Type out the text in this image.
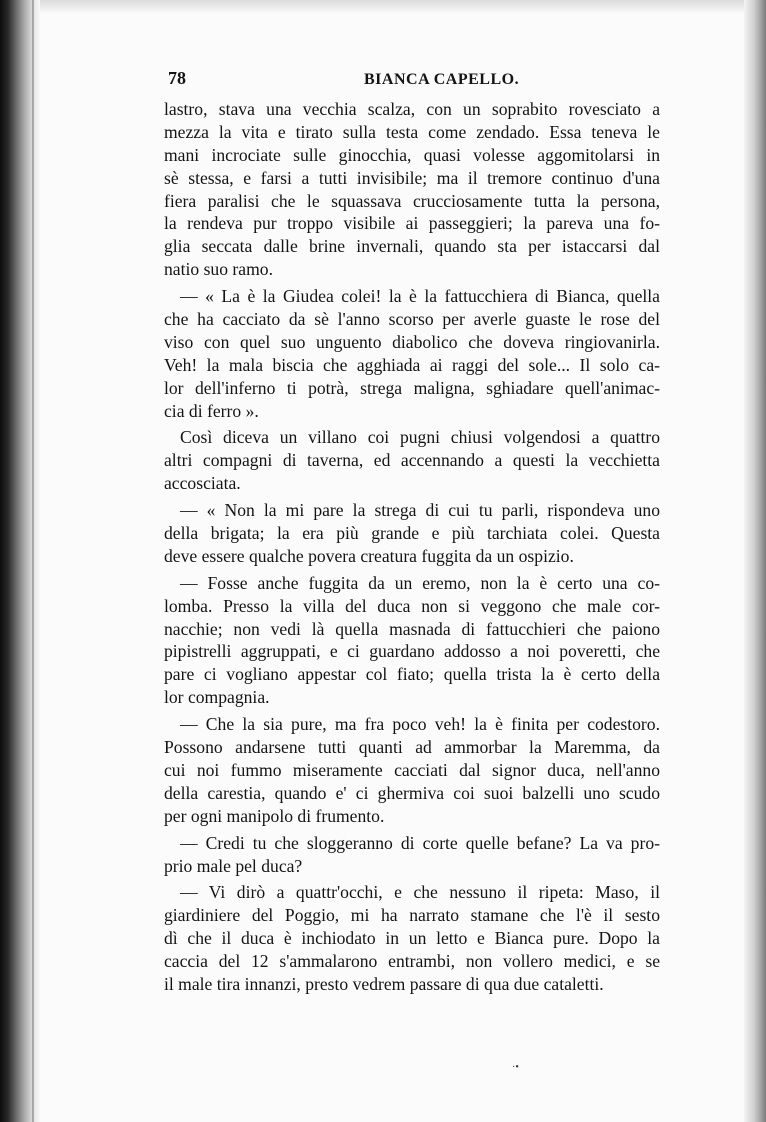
78	BIANCA CAPELLO.
lastro, stava una vecchia scalza, con un soprabito rovesciato a
mezza la vita e tirato sulla testa come zendado. Essa teneva le
mani incrociate sulle ginocchia, quasi volesse aggomitolarsi in
sè stessa, e farsi a tutti invisibile; ma il tremore continuo d'una
fiera paralisi che le squassava crucciosamente tutta la persona,
la rendeva pur troppo visibile ai passeggieri; la pareva una fo-
glia seccata dalle brine invernali, quando sta per istaccarsi dal
natio suo ramo.
— « La è la Giudea colei! la è la fattucchiera di Bianca, quella
che ha cacciato da sè l'anno scorso per averle guaste le rose del
viso con quel suo unguento diabolico che doveva ringiovanirla.
Veh! la mala biscia che agghiada ai raggi del sole... Il solo ca-
lor dell'inferno ti potrà, strega maligna, sghiadare quell'animac-
cia di ferro ».
Così diceva un villano coi pugni chiusi volgendosi a quattro
altri compagni di taverna, ed accennando a questi la vecchietta
accosciata.
— « Non la mi pare la strega di cui tu parli, rispondeva uno
della brigata; la era più grande e più tarchiata colei. Questa
deve essere qualche povera creatura fuggita da un ospizio.
— Fosse anche fuggita da un eremo, non la è certo una co-
lomba. Presso la villa del duca non si veggono che male cor-
nacchie; non vedi là quella masnada di fattucchieri che paiono
pipistrelli aggruppati, e ci guardano addosso a noi poveretti, che
pare ci vogliano appestar col fiato; quella trista la è certo della
lor compagnia.
— Che la sia pure, ma fra poco veh! la è finita per codestoro.
Possono andarsene tutti quanti ad ammorbar la Maremma, da
cui noi fummo miseramente cacciati dal signor duca, nell'anno
della carestia, quando e' ci ghermiva coi suoi balzelli uno scudo
per ogni manipolo di frumento.
— Credi tu che sloggeranno di corte quelle befane? La va pro-
prio male pel duca?
— Vi dirò a quattr'occhi, e che nessuno il ripeta: Maso, il
giardiniere del Poggio, mi ha narrato stamane che l'è il sesto
dì che il duca è inchiodato in un letto e Bianca pure. Dopo la
caccia del 12 s'ammalarono entrambi, non vollero medici, e se
il male tira innanzi, presto vedrem passare di qua due cataletti.
·•
